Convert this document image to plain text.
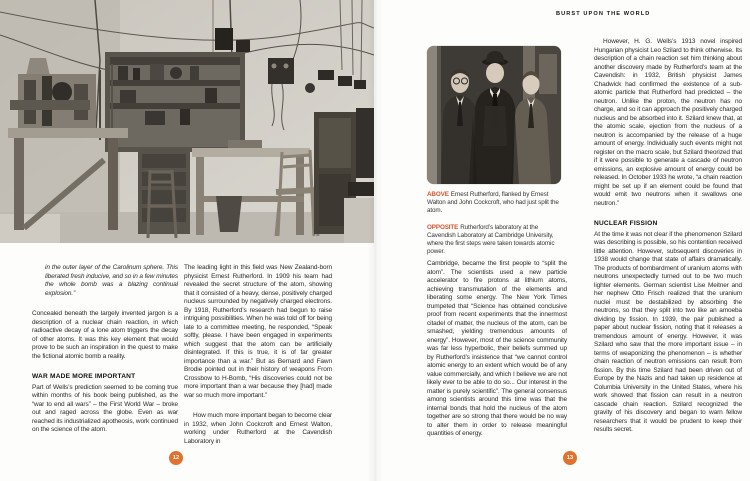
BURST UPON THE WORLD

in the outer layer of the Carolinum sphere. This liberated fresh inducive, and so in a few minutes the whole bomb was a blazing continual explosion.”

Concealed beneath the largely invented jargon is a description of a nuclear chain reaction, in which radioactive decay of a lone atom triggers the decay of other atoms. It was this key element that would prove to be such an inspiration in the quest to make the fictional atomic bomb a reality.

WAR MADE MORE IMPORTANT

Part of Wells’s prediction seemed to be coming true within months of his book being published, as the “war to end all wars” – the First World War – broke out and raged across the globe. Even as war reached its industrialized apotheosis, work continued on the science of the atom.

The leading light in this field was New Zealand-born physicist Ernest Rutherford. In 1909 his team had revealed the secret structure of the atom, showing that it consisted of a heavy, dense, positively charged nucleus surrounded by negatively charged electrons. By 1918, Rutherford’s research had begun to raise intriguing possibilities. When he was told off for being late to a committee meeting, he responded, “Speak softly, please. I have been engaged in experiments which suggest that the atom can be artificially disintegrated. If this is true, it is of far greater importance than a war.” But as Bernard and Fawn Brodie pointed out in their history of weapons From Crossbow to H-Bomb, “His discoveries could not be more important than a war because they [had] made war so much more important.”

How much more important began to become clear in 1932, when John Cockcroft and Ernest Walton, working under Rutherford at the Cavendish Laboratory in

12
ABOVE Ernest Rutherford, flanked by Ernest Walton and John Cockcroft, who had just split the atom.
OPPOSITE Rutherford’s laboratory at the Cavendish Laboratory at Cambridge University, where the first steps were taken towards atomic power.

Cambridge, became the first people to “split the atom”. The scientists used a new particle accelerator to fire protons at lithium atoms, achieving transmutation of the elements and liberating some energy. The New York Times trumpeted that “Science has obtained conclusive proof from recent experiments that the innermost citadel of matter, the nucleus of the atom, can be smashed, yielding tremendous amounts of energy”. However, most of the science community was far less hyperbolic, their beliefs summed up by Rutherford’s insistence that “we cannot control atomic energy to an extent which would be of any value commercially, and which I believe we are not likely ever to be able to do so... Our interest in the matter is purely scientific”. The general consensus among scientists around this time was that the internal bonds that hold the nucleus of the atom together are so strong that there would be no way to alter them in order to release meaningful quantities of energy.

However, H. G. Wells’s 1913 novel inspired Hungarian physicist Leo Szilard to think otherwise. Its description of a chain reaction set him thinking about another discovery made by Rutherford’s team at the Cavendish: in 1932, British physicist James Chadwick had confirmed the existence of a sub-atomic particle that Rutherford had predicted – the neutron. Unlike the proton, the neutron has no charge, and so it can approach the positively charged nucleus and be absorbed into it. Szilard knew that, at the atomic scale, ejection from the nucleus of a neutron is accompanied by the release of a huge amount of energy. Individually such events might not register on the macro scale, but Szilard theorized that if it were possible to generate a cascade of neutron emissions, an explosive amount of energy could be released. In October 1933 he wrote, “a chain reaction might be set up if an element could be found that would emit two neutrons when it swallows one neutron.”

NUCLEAR FISSION

At the time it was not clear if the phenomenon Szilard was describing is possible, so his contention received little attention. However, subsequent discoveries in 1938 would change that state of affairs dramatically. The products of bombardment of uranium atoms with neutrons unexpectedly turned out to be two much lighter elements. German scientist Lise Meitner and her nephew Otto Frisch realized that the uranium nuclei must be destabilized by absorbing the neutrons, so that they split into two like an amoeba dividing by fission. In 1939, the pair published a paper about nuclear fission, noting that it releases a tremendous amount of energy. However, it was Szilard who saw that the more important issue – in terms of weaponizing the phenomenon – is whether chain reaction of neutron emissions can result from fission. By this time Szilard had been driven out of Europe by the Nazis and had taken up residence at Columbia University in the United States, where his work showed that fission can result in a neutron cascade chain reaction. Szilard recognized the gravity of his discovery and began to warn fellow researchers that it would be prudent to keep their results secret.

13
